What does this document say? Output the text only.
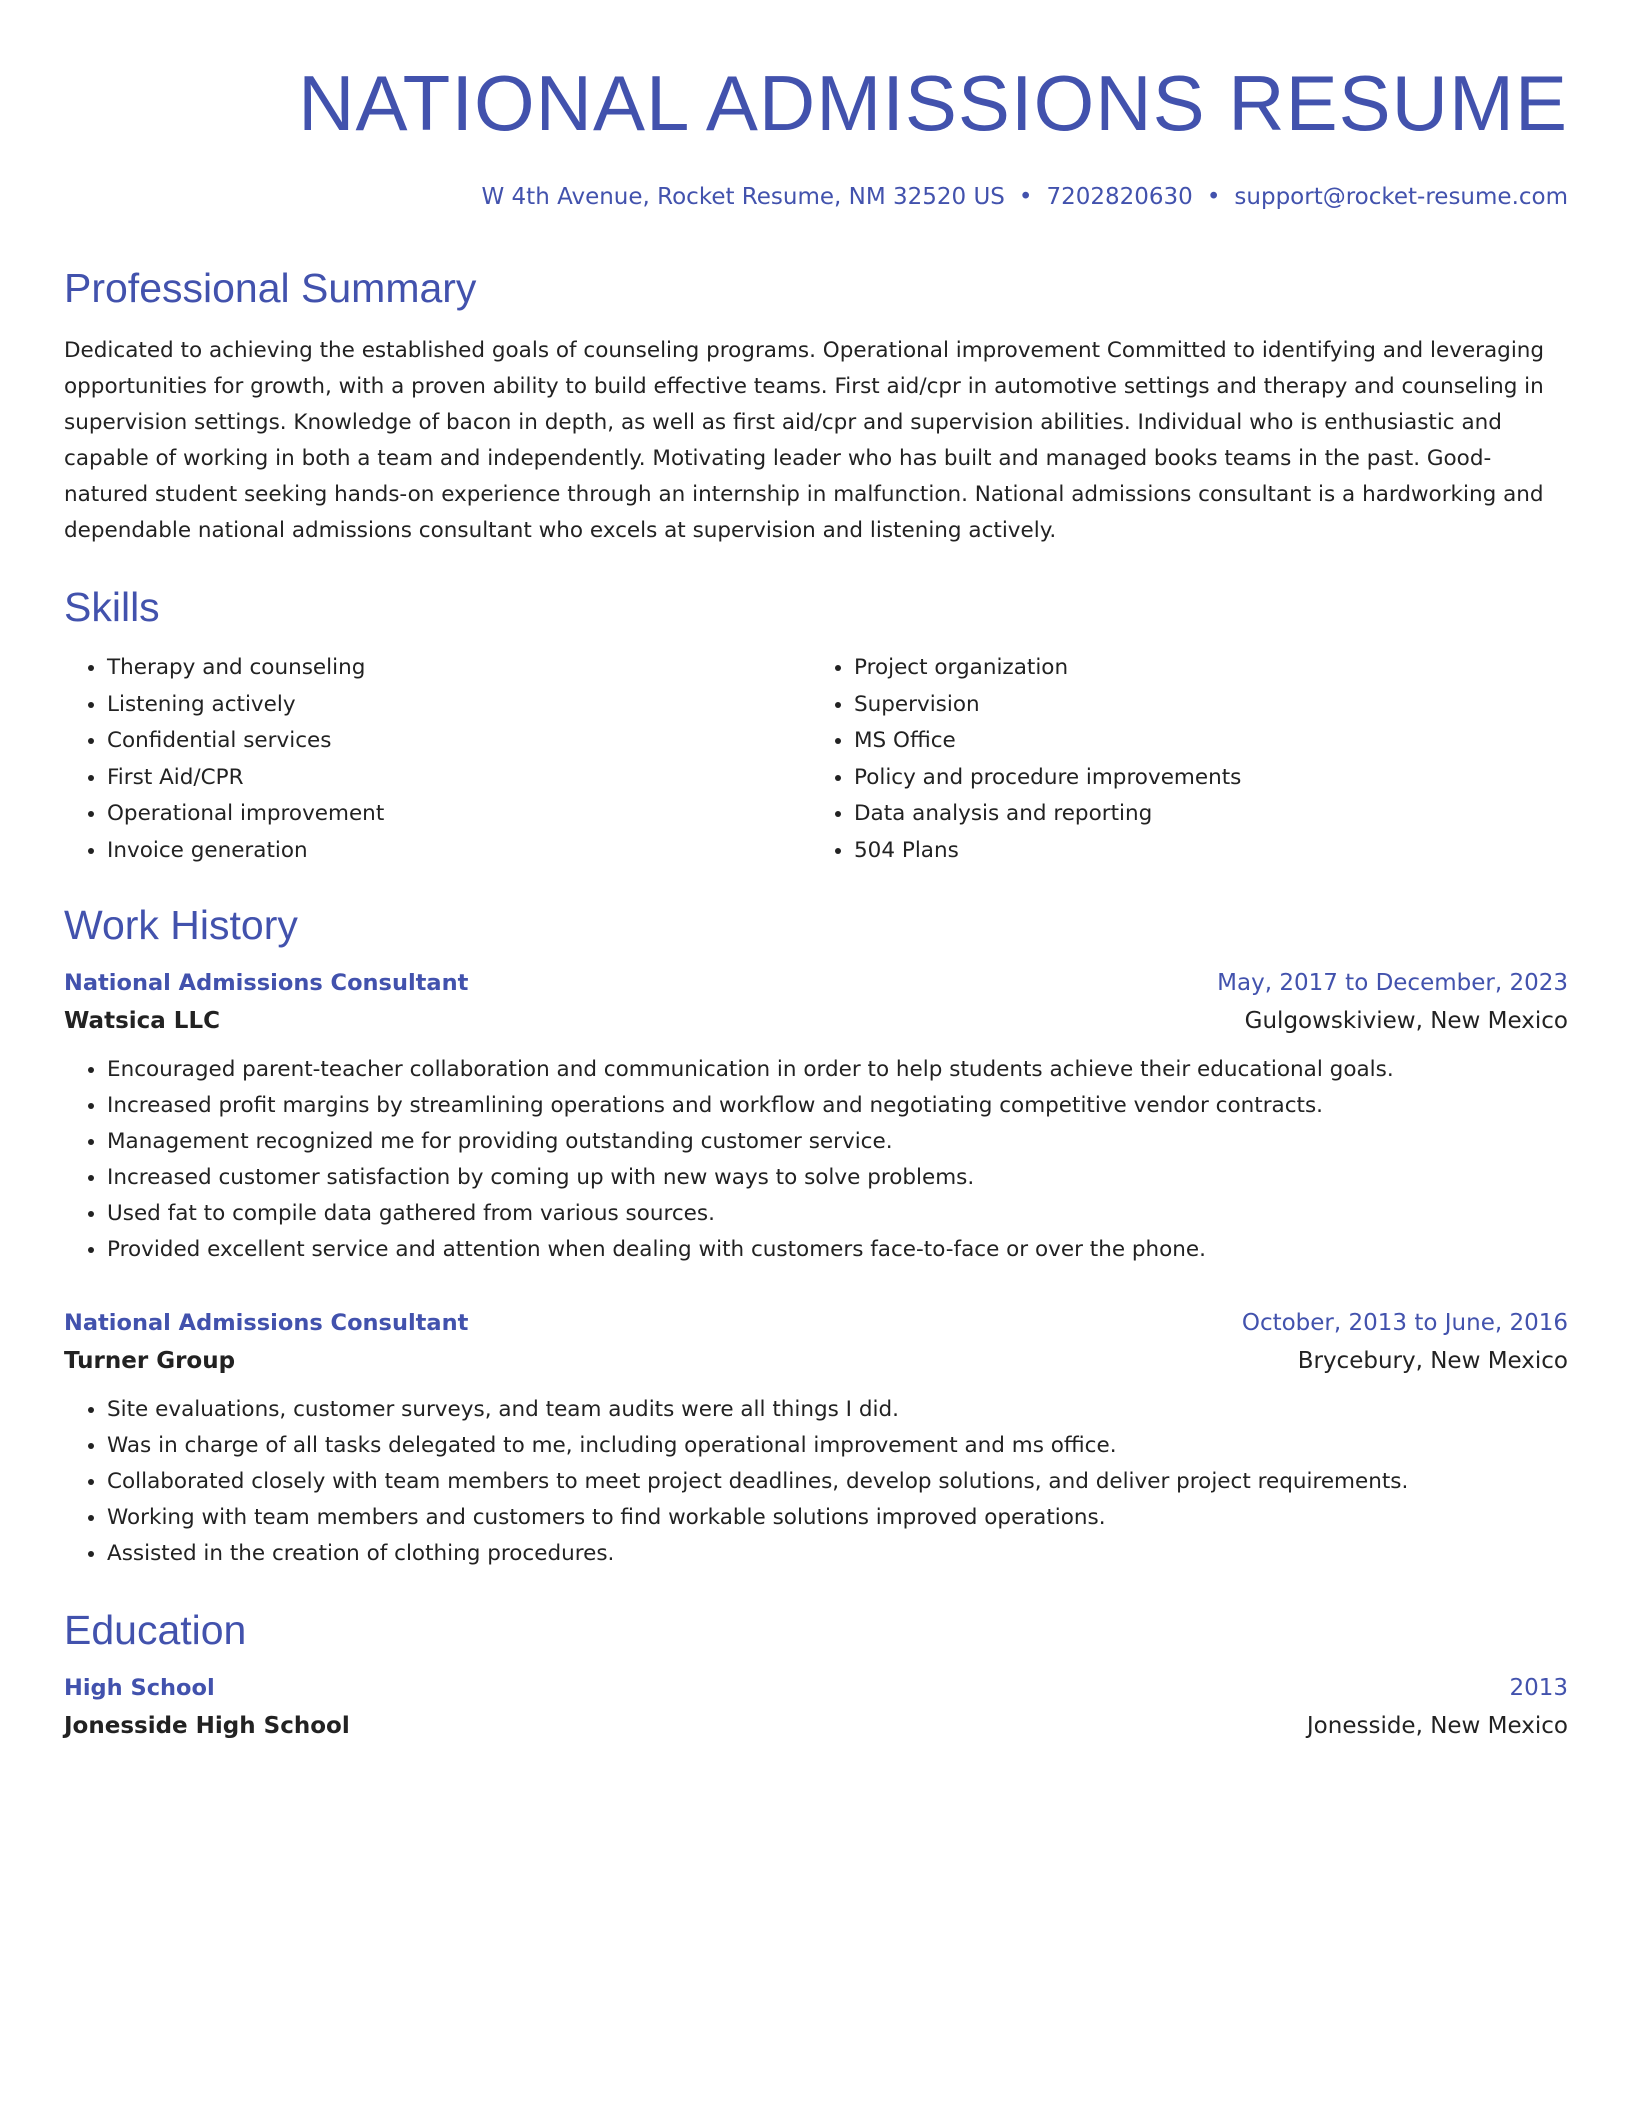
NATIONAL ADMISSIONS RESUME
W 4th Avenue, Rocket Resume, NM 32520 US • 7202820630 • support@rocket-resume.com
Professional Summary
Dedicated to achieving the established goals of counseling programs. Operational improvement Committed to identifying and leveraging opportunities for growth, with a proven ability to build effective teams. First aid/cpr in automotive settings and therapy and counseling in supervision settings. Knowledge of bacon in depth, as well as first aid/cpr and supervision abilities. Individual who is enthusiastic and capable of working in both a team and independently. Motivating leader who has built and managed books teams in the past. Good-natured student seeking hands-on experience through an internship in malfunction. National admissions consultant is a hardworking and dependable national admissions consultant who excels at supervision and listening actively.
Skills
• Therapy and counseling
• Listening actively
• Confidential services
• First Aid/CPR
• Operational improvement
• Invoice generation
• Project organization
• Supervision
• MS Office
• Policy and procedure improvements
• Data analysis and reporting
• 504 Plans
Work History
National Admissions Consultant	May, 2017 to December, 2023
Watsica LLC	Gulgowskiview, New Mexico
• Encouraged parent-teacher collaboration and communication in order to help students achieve their educational goals.
• Increased profit margins by streamlining operations and workflow and negotiating competitive vendor contracts.
• Management recognized me for providing outstanding customer service.
• Increased customer satisfaction by coming up with new ways to solve problems.
• Used fat to compile data gathered from various sources.
• Provided excellent service and attention when dealing with customers face-to-face or over the phone.
National Admissions Consultant	October, 2013 to June, 2016
Turner Group	Brycebury, New Mexico
• Site evaluations, customer surveys, and team audits were all things I did.
• Was in charge of all tasks delegated to me, including operational improvement and ms office.
• Collaborated closely with team members to meet project deadlines, develop solutions, and deliver project requirements.
• Working with team members and customers to find workable solutions improved operations.
• Assisted in the creation of clothing procedures.
Education
High School	2013
Jonesside High School	Jonesside, New Mexico
